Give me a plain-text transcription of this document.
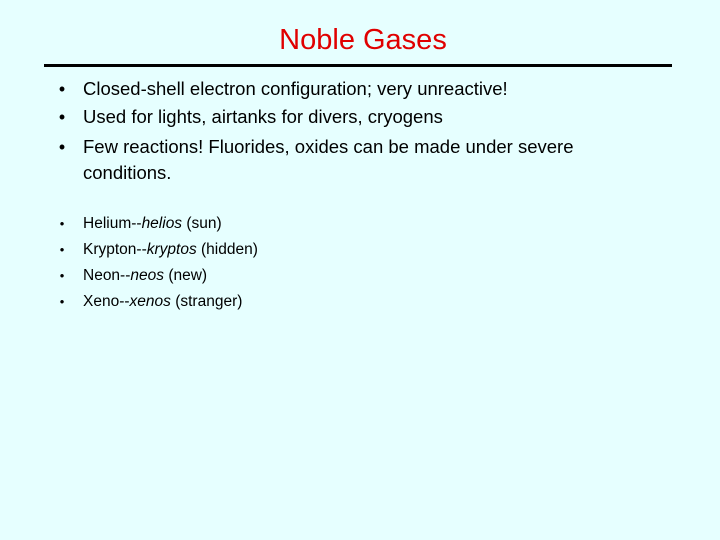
Noble Gases
• Closed-shell electron configuration; very unreactive!
• Used for lights, airtanks for divers, cryogens
• Few reactions! Fluorides, oxides can be made under severe
conditions.
• Helium--helios (sun)
• Krypton--kryptos (hidden)
• Neon--neos (new)
• Xeno--xenos (stranger)
